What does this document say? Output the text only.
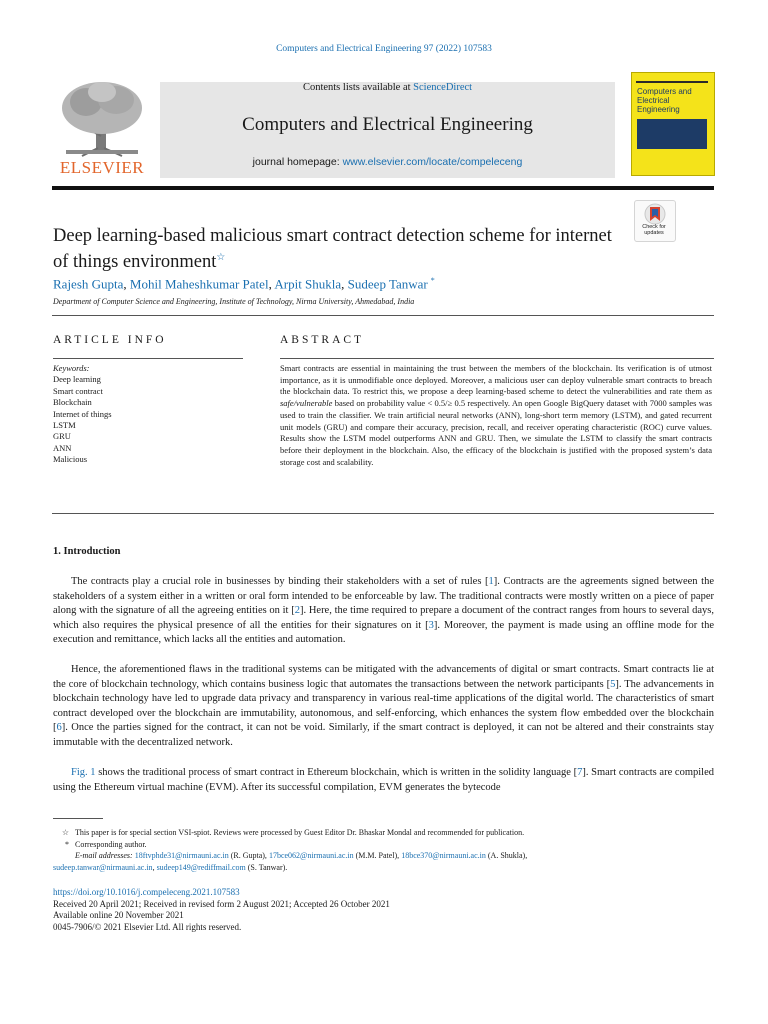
Computers and Electrical Engineering 97 (2022) 107583
ELSEVIER
Contents lists available at ScienceDirect
Computers and Electrical Engineering
journal homepage: www.elsevier.com/locate/compeleceng
Computers and
Electrical Engineering
Check for updates
Deep learning-based malicious smart contract detection scheme for internet of things environment☆
Rajesh Gupta, Mohil Maheshkumar Patel, Arpit Shukla, Sudeep Tanwar *
Department of Computer Science and Engineering, Institute of Technology, Nirma University, Ahmedabad, India
ARTICLE INFO
Keywords:
Deep learning
Smart contract
Blockchain
Internet of things
LSTM
GRU
ANN
Malicious
ABSTRACT
Smart contracts are essential in maintaining the trust between the members of the blockchain. Its verification is of utmost importance, as it is unmodifiable once deployed. Moreover, a malicious user can deploy vulnerable smart contracts to breach the blockchain data. To restrict this, we propose a deep learning-based scheme to detect the vulnerabilities and rate them as safe/vulnerable based on probability value < 0.5/≥ 0.5 respectively. An open Google BigQuery dataset with 7000 samples was used to train the classifier. We train artificial neural networks (ANN), long-short term memory (LSTM), and gated recurrent unit models (GRU) and compare their accuracy, precision, recall, and receiver operating characteristic (ROC) curve values. Results show the LSTM model outperforms ANN and GRU. Then, we simulate the LSTM to classify the smart contracts before their deployment in the blockchain. Also, the efficacy of the blockchain is justified with the proposed system’s data storage cost and scalability.
1. Introduction
The contracts play a crucial role in businesses by binding their stakeholders with a set of rules [1]. Contracts are the agreements signed between the stakeholders of a system either in a written or oral form intended to be enforceable by law. The traditional contracts were mostly written on a piece of paper along with the signature of all the agreeing entities on it [2]. Here, the time required to prepare a document of the contract ranges from hours to several days, which also requires the physical presence of all the entities for their signatures on it [3]. Moreover, the payment is made using an offline mode for the execution and remittance, which lacks all the entities and automation.
Hence, the aforementioned flaws in the traditional systems can be mitigated with the advancements of digital or smart contracts. Smart contracts lie at the core of blockchain technology, which contains business logic that automates the transactions between the network participants [5]. The advancements in blockchain technology have led to upgrade data privacy and transparency in various real-time applications of the digital world. The characteristics of smart contract developed over the blockchain are immutability, autonomous, and self-enforcing, which enhances the system flow embedded over the blockchain [6]. Once the parties signed for the contract, it can not be void. Similarly, if the smart contract is deployed, it can not be altered and their constraints stay immutable with the decentralized network.
Fig. 1 shows the traditional process of smart contract in Ethereum blockchain, which is written in the solidity language [7]. Smart contracts are compiled using the Ethereum virtual machine (EVM). After its successful compilation, EVM generates the bytecode
☆ This paper is for special section VSI-spiot. Reviews were processed by Guest Editor Dr. Bhaskar Mondal and recommended for publication.
* Corresponding author.
E-mail addresses: 18ftvphde31@nirmauni.ac.in (R. Gupta), 17bce062@nirmauni.ac.in (M.M. Patel), 18bce370@nirmauni.ac.in (A. Shukla),
sudeep.tanwar@nirmauni.ac.in, sudeep149@rediffmail.com (S. Tanwar).
https://doi.org/10.1016/j.compeleceng.2021.107583
Received 20 April 2021; Received in revised form 2 August 2021; Accepted 26 October 2021
Available online 20 November 2021
0045-7906/© 2021 Elsevier Ltd. All rights reserved.
